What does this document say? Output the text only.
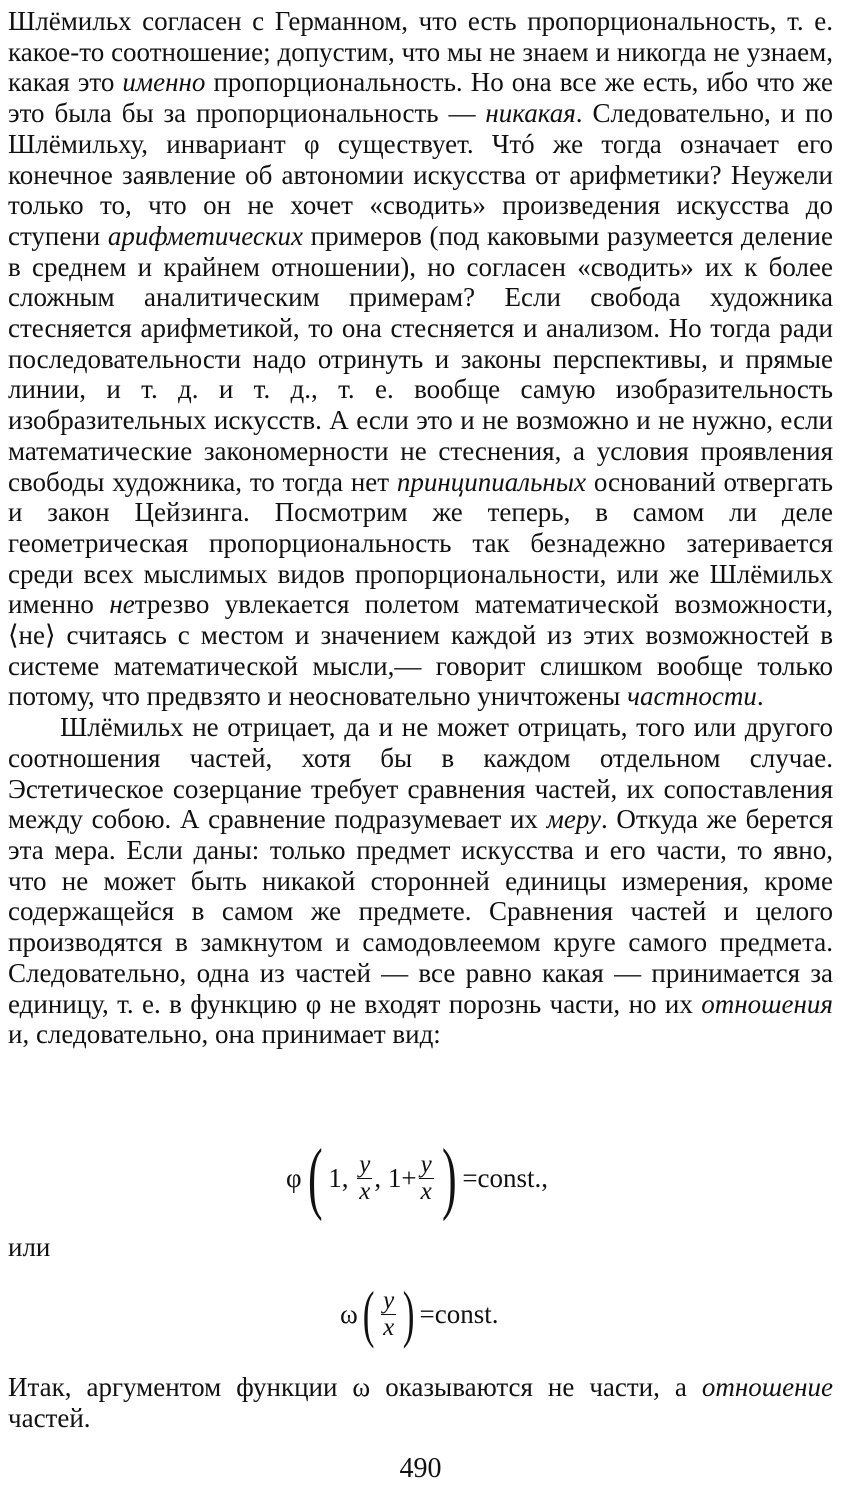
Шлёмильх согласен с Германном, что есть пропорциональность, т. е. какое-то соотношение; допустим, что мы не знаем и никогда не узнаем, какая это именно пропорциональность. Но она все же есть, ибо что же это была бы за пропорциональность — никакая. Следовательно, и по Шлёмильху, инвариант φ существует. Чтó же тогда означает его конечное заявление об автономии искусства от арифметики? Неужели только то, что он не хочет «сводить» произведения искусства до ступени арифметических примеров (под каковыми разумеется деление в среднем и крайнем отношении), но согласен «сводить» их к более сложным аналитическим примерам? Если свобода художника стесняется арифметикой, то она стесняется и анализом. Но тогда ради последовательности надо отринуть и законы перспективы, и прямые линии, и т. д. и т. д., т. е. вообще самую изобразительность изобразительных искусств. А если это и не возможно и не нужно, если математические закономерности не стеснения, а условия проявления свободы художника, то тогда нет принципиальных оснований отвергать и закон Цейзинга. Посмотрим же теперь, в самом ли деле геометрическая пропорциональность так безнадежно затеривается среди всех мыслимых видов пропорциональности, или же Шлёмильх именно нетрезво увлекается полетом математической возможности, ⟨не⟩ считаясь с местом и значением каждой из этих возможностей в системе математической мысли,— говорит слишком вообще только потому, что предвзято и неосновательно уничтожены частности.

Шлёмильх не отрицает, да и не может отрицать, того или другого соотношения частей, хотя бы в каждом отдельном случае. Эстетическое созерцание требует сравнения частей, их сопоставления между собою. А сравнение подразумевает их меру. Откуда же берется эта мера. Если даны: только предмет искусства и его части, то явно, что не может быть никакой сторонней единицы измерения, кроме содержащейся в самом же предмете. Сравнения частей и целого производятся в замкнутом и самодовлеемом круге самого предмета. Следовательно, одна из частей — все равно какая — принимается за единицу, т. е. в функцию φ не входят порознь части, но их отношения и, следовательно, она принимает вид:

φ( 1, $\frac{y}{x}$ , $1+ \frac{y}{x}$ ) =const.,
или
$\omega( \frac{y}{x}$ ) =const.

Итак, аргументом функции ω оказываются не части, а отношение частей.

490
